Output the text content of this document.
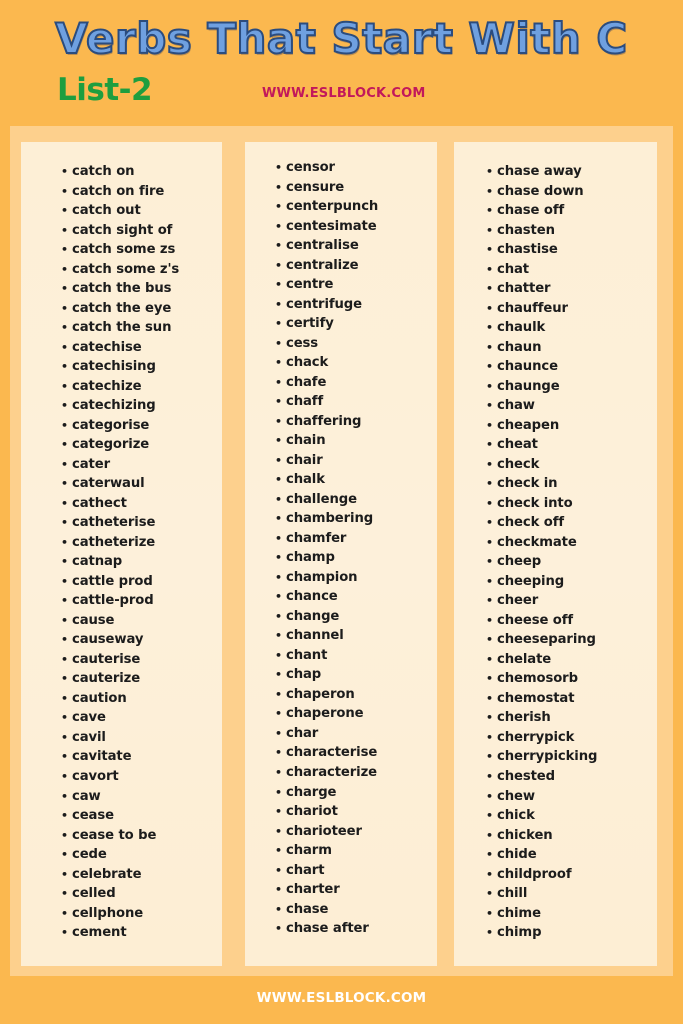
Verbs That Start With C
List-2	WWW.ESLBLOCK.COM
• catch on
• catch on fire
• catch out
• catch sight of
• catch some zs
• catch some z's
• catch the bus
• catch the eye
• catch the sun
• catechise
• catechising
• catechize
• catechizing
• categorise
• categorize
• cater
• caterwaul
• cathect
• catheterise
• catheterize
• catnap
• cattle prod
• cattle-prod
• cause
• causeway
• cauterise
• cauterize
• caution
• cave
• cavil
• cavitate
• cavort
• caw
• cease
• cease to be
• cede
• celebrate
• celled
• cellphone
• cement
• censor
• censure
• centerpunch
• centesimate
• centralise
• centralize
• centre
• centrifuge
• certify
• cess
• chack
• chafe
• chaff
• chaffering
• chain
• chair
• chalk
• challenge
• chambering
• chamfer
• champ
• champion
• chance
• change
• channel
• chant
• chap
• chaperon
• chaperone
• char
• characterise
• characterize
• charge
• chariot
• charioteer
• charm
• chart
• charter
• chase
• chase after
• chase away
• chase down
• chase off
• chasten
• chastise
• chat
• chatter
• chauffeur
• chaulk
• chaun
• chaunce
• chaunge
• chaw
• cheapen
• cheat
• check
• check in
• check into
• check off
• checkmate
• cheep
• cheeping
• cheer
• cheese off
• cheeseparing
• chelate
• chemosorb
• chemostat
• cherish
• cherrypick
• cherrypicking
• chested
• chew
• chick
• chicken
• chide
• childproof
• chill
• chime
• chimp
WWW.ESLBLOCK.COM
